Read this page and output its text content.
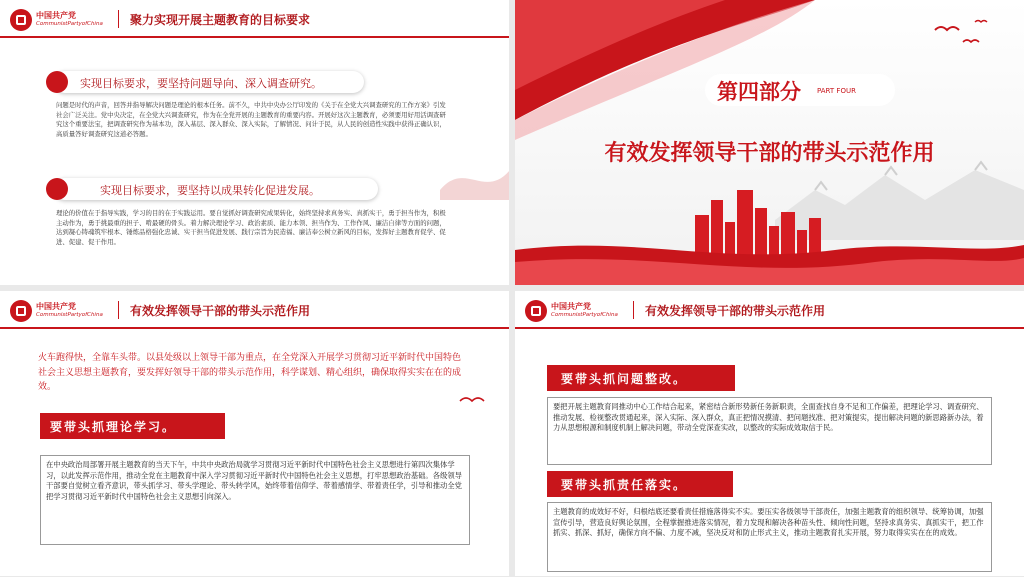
中国共产党
CommunistPartyofChina 聚力实现开展主题教育的目标要求
实现目标要求，要坚持问题导向、深入调查研究。
问题是时代的声音，回答并指导解决问题是理论的根本任务。前不久，中共中央办公厅印发的《关于在全党大兴调查研究的工作方案》引发社会广泛关注。党中央决定，在全党大兴调查研究，作为在全党开展的主题教育的重要内容。开展好这次主题教育，必须要用好用活调查研究这个重要法宝，把调查研究作为基本功，深入基层、深入群众、深入实际，了解情况、问计于民，从人民的创造性实践中获得正确认识，高质量答好调查研究这道必答题。
实现目标要求，要坚持以成果转化促进发展。
理论的价值在于指导实践，学习的目的在于实践运用。要自觉抓好调查研究成果转化，始终坚持求真务实、真抓实干，勇于担当作为，积极主动作为，勇于挑最重的担子、啃最硬的骨头。着力解决理论学习、政治素质、能力本领、担当作为、工作作风、廉洁自律等方面的问题，达到凝心铸魂筑牢根本、锤炼品格强化忠诚、实干担当促进发展、践行宗旨为民造福、廉洁奉公树立新风的目标，发挥好主题教育促学、促进、促建、促干作用。
第四部分 PART FOUR
有效发挥领导干部的带头示范作用
中国共产党
CommunistPartyofChina 有效发挥领导干部的带头示范作用
火车跑得快，全靠车头带。以县处级以上领导干部为重点，在全党深入开展学习贯彻习近平新时代中国特色社会主义思想主题教育，要发挥好领导干部的带头示范作用，科学谋划、精心组织，确保取得实实在在的成效。
要带头抓理论学习。
在中央政治局部署开展主题教育的当天下午，中共中央政治局就学习贯彻习近平新时代中国特色社会主义思想进行第四次集体学习，以此发挥示范作用，推动全党在主题教育中深入学习贯彻习近平新时代中国特色社会主义思想，打牢思想政治基础。各级领导干部要自觉树立看齐意识，带头抓学习、带头学理论、带头转学风，始终带着信仰学、带着感情学、带着责任学，引导和推动全党把学习贯彻习近平新时代中国特色社会主义思想引向深入。
中国共产党
CommunistPartyofChina 有效发挥领导干部的带头示范作用
要带头抓问题整改。
要把开展主题教育同推动中心工作结合起来，紧密结合新形势新任务新职责，全面查找自身不足和工作偏差，把理论学习、调查研究、推动发展、检视整改贯通起来，深入实际、深入群众，真正把情况摸清、把问题找准、把对策提实，提出解决问题的新思路新办法，着力从思想根源和制度机制上解决问题，带动全党深查实改，以整改的实际成效取信于民。
要带头抓责任落实。
主题教育的成效好不好，归根结底还要看责任措施落得实不实。要压实各级领导干部责任，加强主题教育的组织领导、统筹协调，加强宣传引导，营造良好舆论氛围，全程掌握推进落实情况，着力发现和解决各种苗头性、倾向性问题，坚持求真务实、真抓实干，把工作抓实、抓深、抓好，确保方向不偏、力度不减，坚决反对和防止形式主义，推动主题教育扎实开展，努力取得实实在在的成效。
